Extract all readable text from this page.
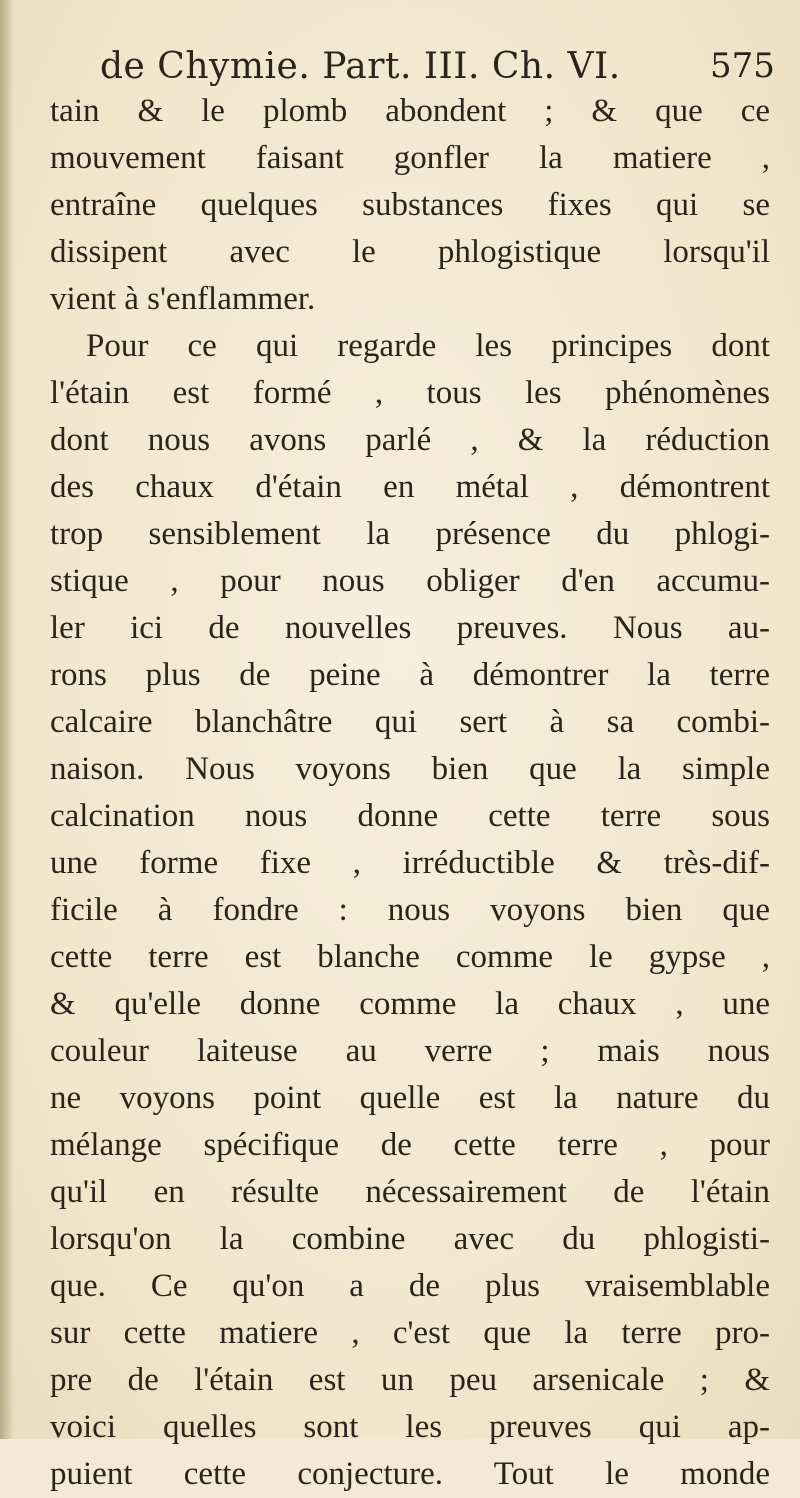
de Chymie. Part. III. Ch. VI.	575
tain & le plomb abondent ; & que ce
mouvement faisant gonfler la matiere ,
entraîne quelques substances fixes qui se
dissipent avec le phlogistique lorsqu'il
vient à s'enflammer.
Pour ce qui regarde les principes dont
l'étain est formé , tous les phénomènes
dont nous avons parlé , & la réduction
des chaux d'étain en métal , démontrent
trop sensiblement la présence du phlogi-
stique , pour nous obliger d'en accumu-
ler ici de nouvelles preuves. Nous au-
rons plus de peine à démontrer la terre
calcaire blanchâtre qui sert à sa combi-
naison. Nous voyons bien que la simple
calcination nous donne cette terre sous
une forme fixe , irréductible & très-dif-
ficile à fondre : nous voyons bien que
cette terre est blanche comme le gypse ,
& qu'elle donne comme la chaux , une
couleur laiteuse au verre ; mais nous
ne voyons point quelle est la nature du
mélange spécifique de cette terre , pour
qu'il en résulte nécessairement de l'étain
lorsqu'on la combine avec du phlogisti-
que. Ce qu'on a de plus vraisemblable
sur cette matiere , c'est que la terre pro-
pre de l'étain est un peu arsenicale ; &
voici quelles sont les preuves qui ap-
puient cette conjecture. Tout le monde
